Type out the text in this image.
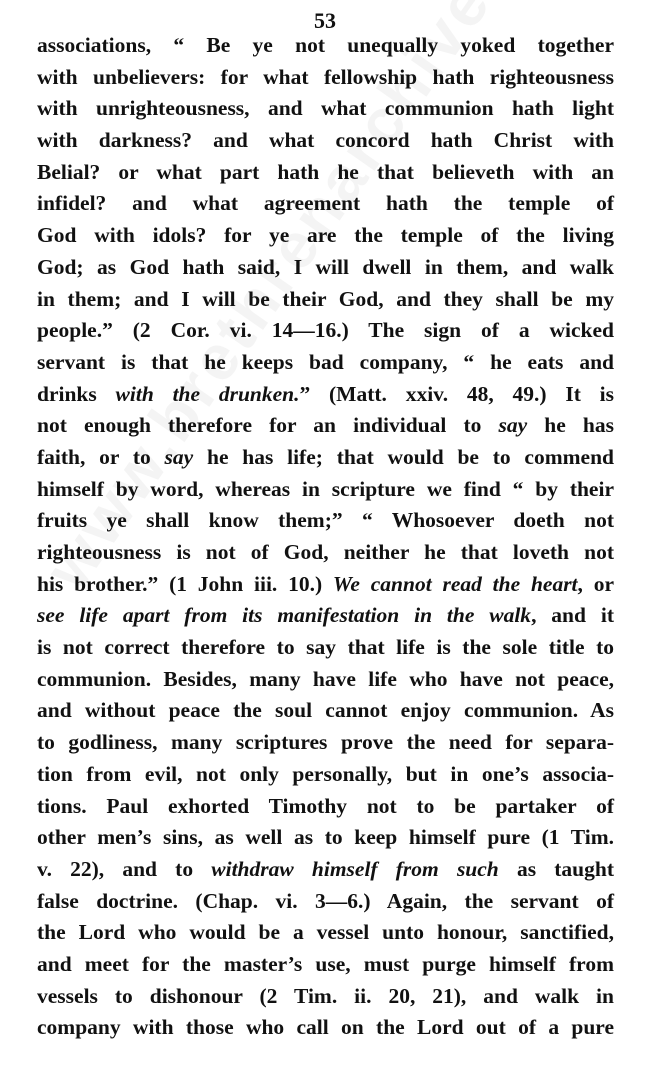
53
associations, “ Be ye not unequally yoked together
with unbelievers: for what fellowship hath righteousness
with unrighteousness, and what communion hath light
with darkness? and what concord hath Christ with
Belial? or what part hath he that believeth with an
infidel? and what agreement hath the temple of
God with idols? for ye are the temple of the living
God; as God hath said, I will dwell in them, and walk
in them; and I will be their God, and they shall be my
people.” (2 Cor. vi. 14—16.) The sign of a wicked
servant is that he keeps bad company, “ he eats and
drinks with the drunken.” (Matt. xxiv. 48, 49.) It is
not enough therefore for an individual to say he has
faith, or to say he has life; that would be to commend
himself by word, whereas in scripture we find “ by their
fruits ye shall know them;” “ Whosoever doeth not
righteousness is not of God, neither he that loveth not
his brother.” (1 John iii. 10.) We cannot read the heart, or
see life apart from its manifestation in the walk, and it
is not correct therefore to say that life is the sole title to
communion. Besides, many have life who have not peace,
and without peace the soul cannot enjoy communion. As
to godliness, many scriptures prove the need for separa-
tion from evil, not only personally, but in one’s associa-
tions. Paul exhorted Timothy not to be partaker of
other men’s sins, as well as to keep himself pure (1 Tim.
v. 22), and to withdraw himself from such as taught
false doctrine. (Chap. vi. 3—6.) Again, the servant of
the Lord who would be a vessel unto honour, sanctified,
and meet for the master’s use, must purge himself from
vessels to dishonour (2 Tim. ii. 20, 21), and walk in
company with those who call on the Lord out of a pure
